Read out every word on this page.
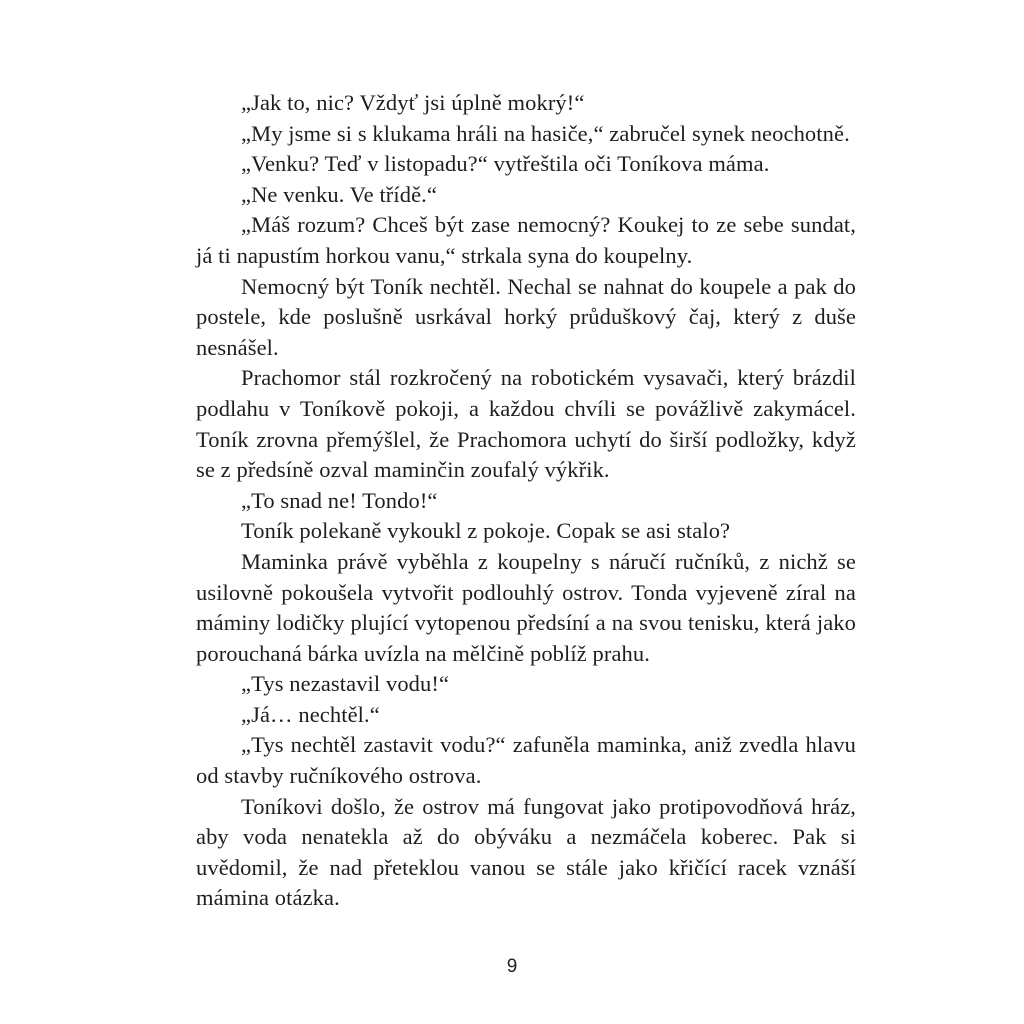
„Jak to, nic? Vždyť jsi úplně mokrý!“

„My jsme si s klukama hráli na hasiče,“ zabručel synek neochotně.

„Venku? Teď v listopadu?“ vytřeštila oči Toníkova máma.

„Ne venku. Ve třídě.“

„Máš rozum? Chceš být zase nemocný? Koukej to ze sebe sundat, já ti napustím horkou vanu,“ strkala syna do koupelny.

Nemocný být Toník nechtěl. Nechal se nahnat do koupele a pak do postele, kde poslušně usrkával horký průduškový čaj, který z duše nesnášel.

Prachomor stál rozkročený na robotickém vysavači, který brázdil podlahu v Toníkově pokoji, a každou chvíli se povážlivě zakymácel. Toník zrovna přemýšlel, že Prachomora uchytí do širší podložky, když se z předsíně ozval maminčin zoufalý výkřik.

„To snad ne! Tondo!“

Toník polekaně vykoukl z pokoje. Copak se asi stalo?

Maminka právě vyběhla z koupelny s náručí ručníků, z nichž se usilovně pokoušela vytvořit podlouhlý ostrov. Tonda vyjeveně zíral na máminy lodičky plující vytopenou předsíní a na svou tenisku, která jako porouchaná bárka uvízla na mělčině poblíž prahu.

„Tys nezastavil vodu!“

„Já… nechtěl.“

„Tys nechtěl zastavit vodu?“ zafuněla maminka, aniž zvedla hlavu od stavby ručníkového ostrova.

Toníkovi došlo, že ostrov má fungovat jako protipovodňová hráz, aby voda nenatekla až do obýváku a nezmáčela koberec. Pak si uvědomil, že nad přeteklou vanou se stále jako křičící racek vznáší mámina otázka.

9
